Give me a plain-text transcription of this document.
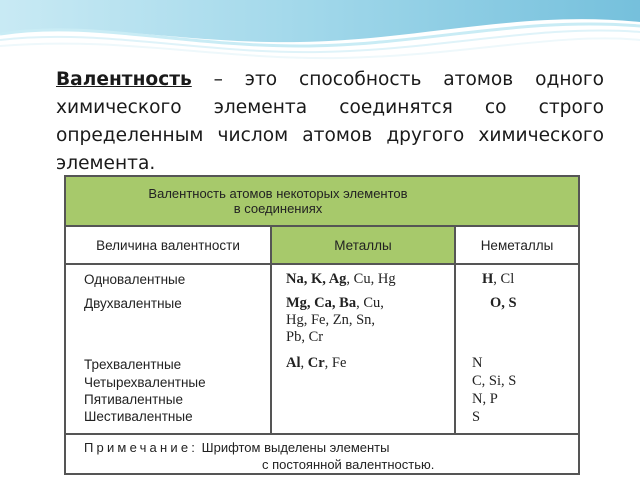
Валентность – это способность атомов одного химического элемента соединятся со строго определенным числом атомов другого химического элемента.
Валентность атомов некоторых элементов
в соединениях
Величина валентности	Металлы	Неметаллы
Одновалентные
Двухвалентные
Трехвалентные
Четырехвалентные
Пятивалентные
Шестивалентные
Na, K, Ag, Cu, Hg
Mg, Ca, Ba, Cu,
Hg, Fe, Zn, Sn,
Pb, Cr
Al, Cr, Fe
H, Cl
O, S
N
C, Si, S
N, P
S
Примечание: Шрифтом выделены элементы
с постоянной валентностью.
